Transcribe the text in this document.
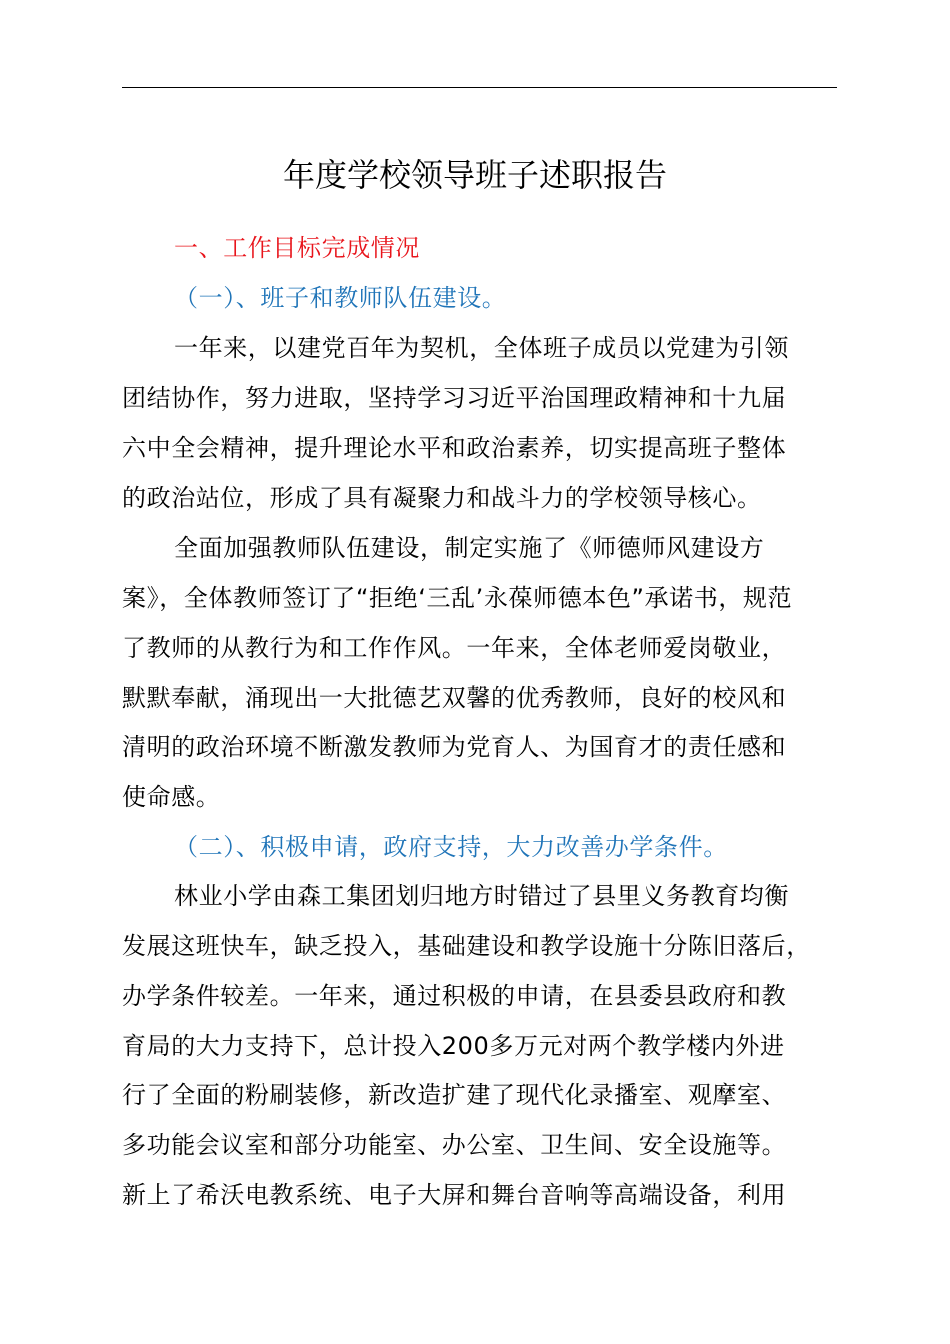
年度学校领导班子述职报告
一、工作目标完成情况
（一）、班子和教师队伍建设。
一年来，以建党百年为契机，全体班子成员以党建为引领
团结协作，努力进取，坚持学习习近平治国理政精神和十九届
六中全会精神，提升理论水平和政治素养，切实提高班子整体
的政治站位，形成了具有凝聚力和战斗力的学校领导核心。
全面加强教师队伍建设，制定实施了《师德师风建设方
案》，全体教师签订了“拒绝‘三乱’永葆师德本色”承诺书，规范
了教师的从教行为和工作作风。一年来，全体老师爱岗敬业，
默默奉献，涌现出一大批德艺双馨的优秀教师，良好的校风和
清明的政治环境不断激发教师为党育人、为国育才的责任感和
使命感。
（二）、积极申请，政府支持，大力改善办学条件。
林业小学由森工集团划归地方时错过了县里义务教育均衡
发展这班快车，缺乏投入，基础建设和教学设施十分陈旧落后，
办学条件较差。一年来，通过积极的申请，在县委县政府和教
育局的大力支持下，总计投入200多万元对两个教学楼内外进
行了全面的粉刷装修，新改造扩建了现代化录播室、观摩室、
多功能会议室和部分功能室、办公室、卫生间、安全设施等。
新上了希沃电教系统、电子大屏和舞台音响等高端设备，利用
